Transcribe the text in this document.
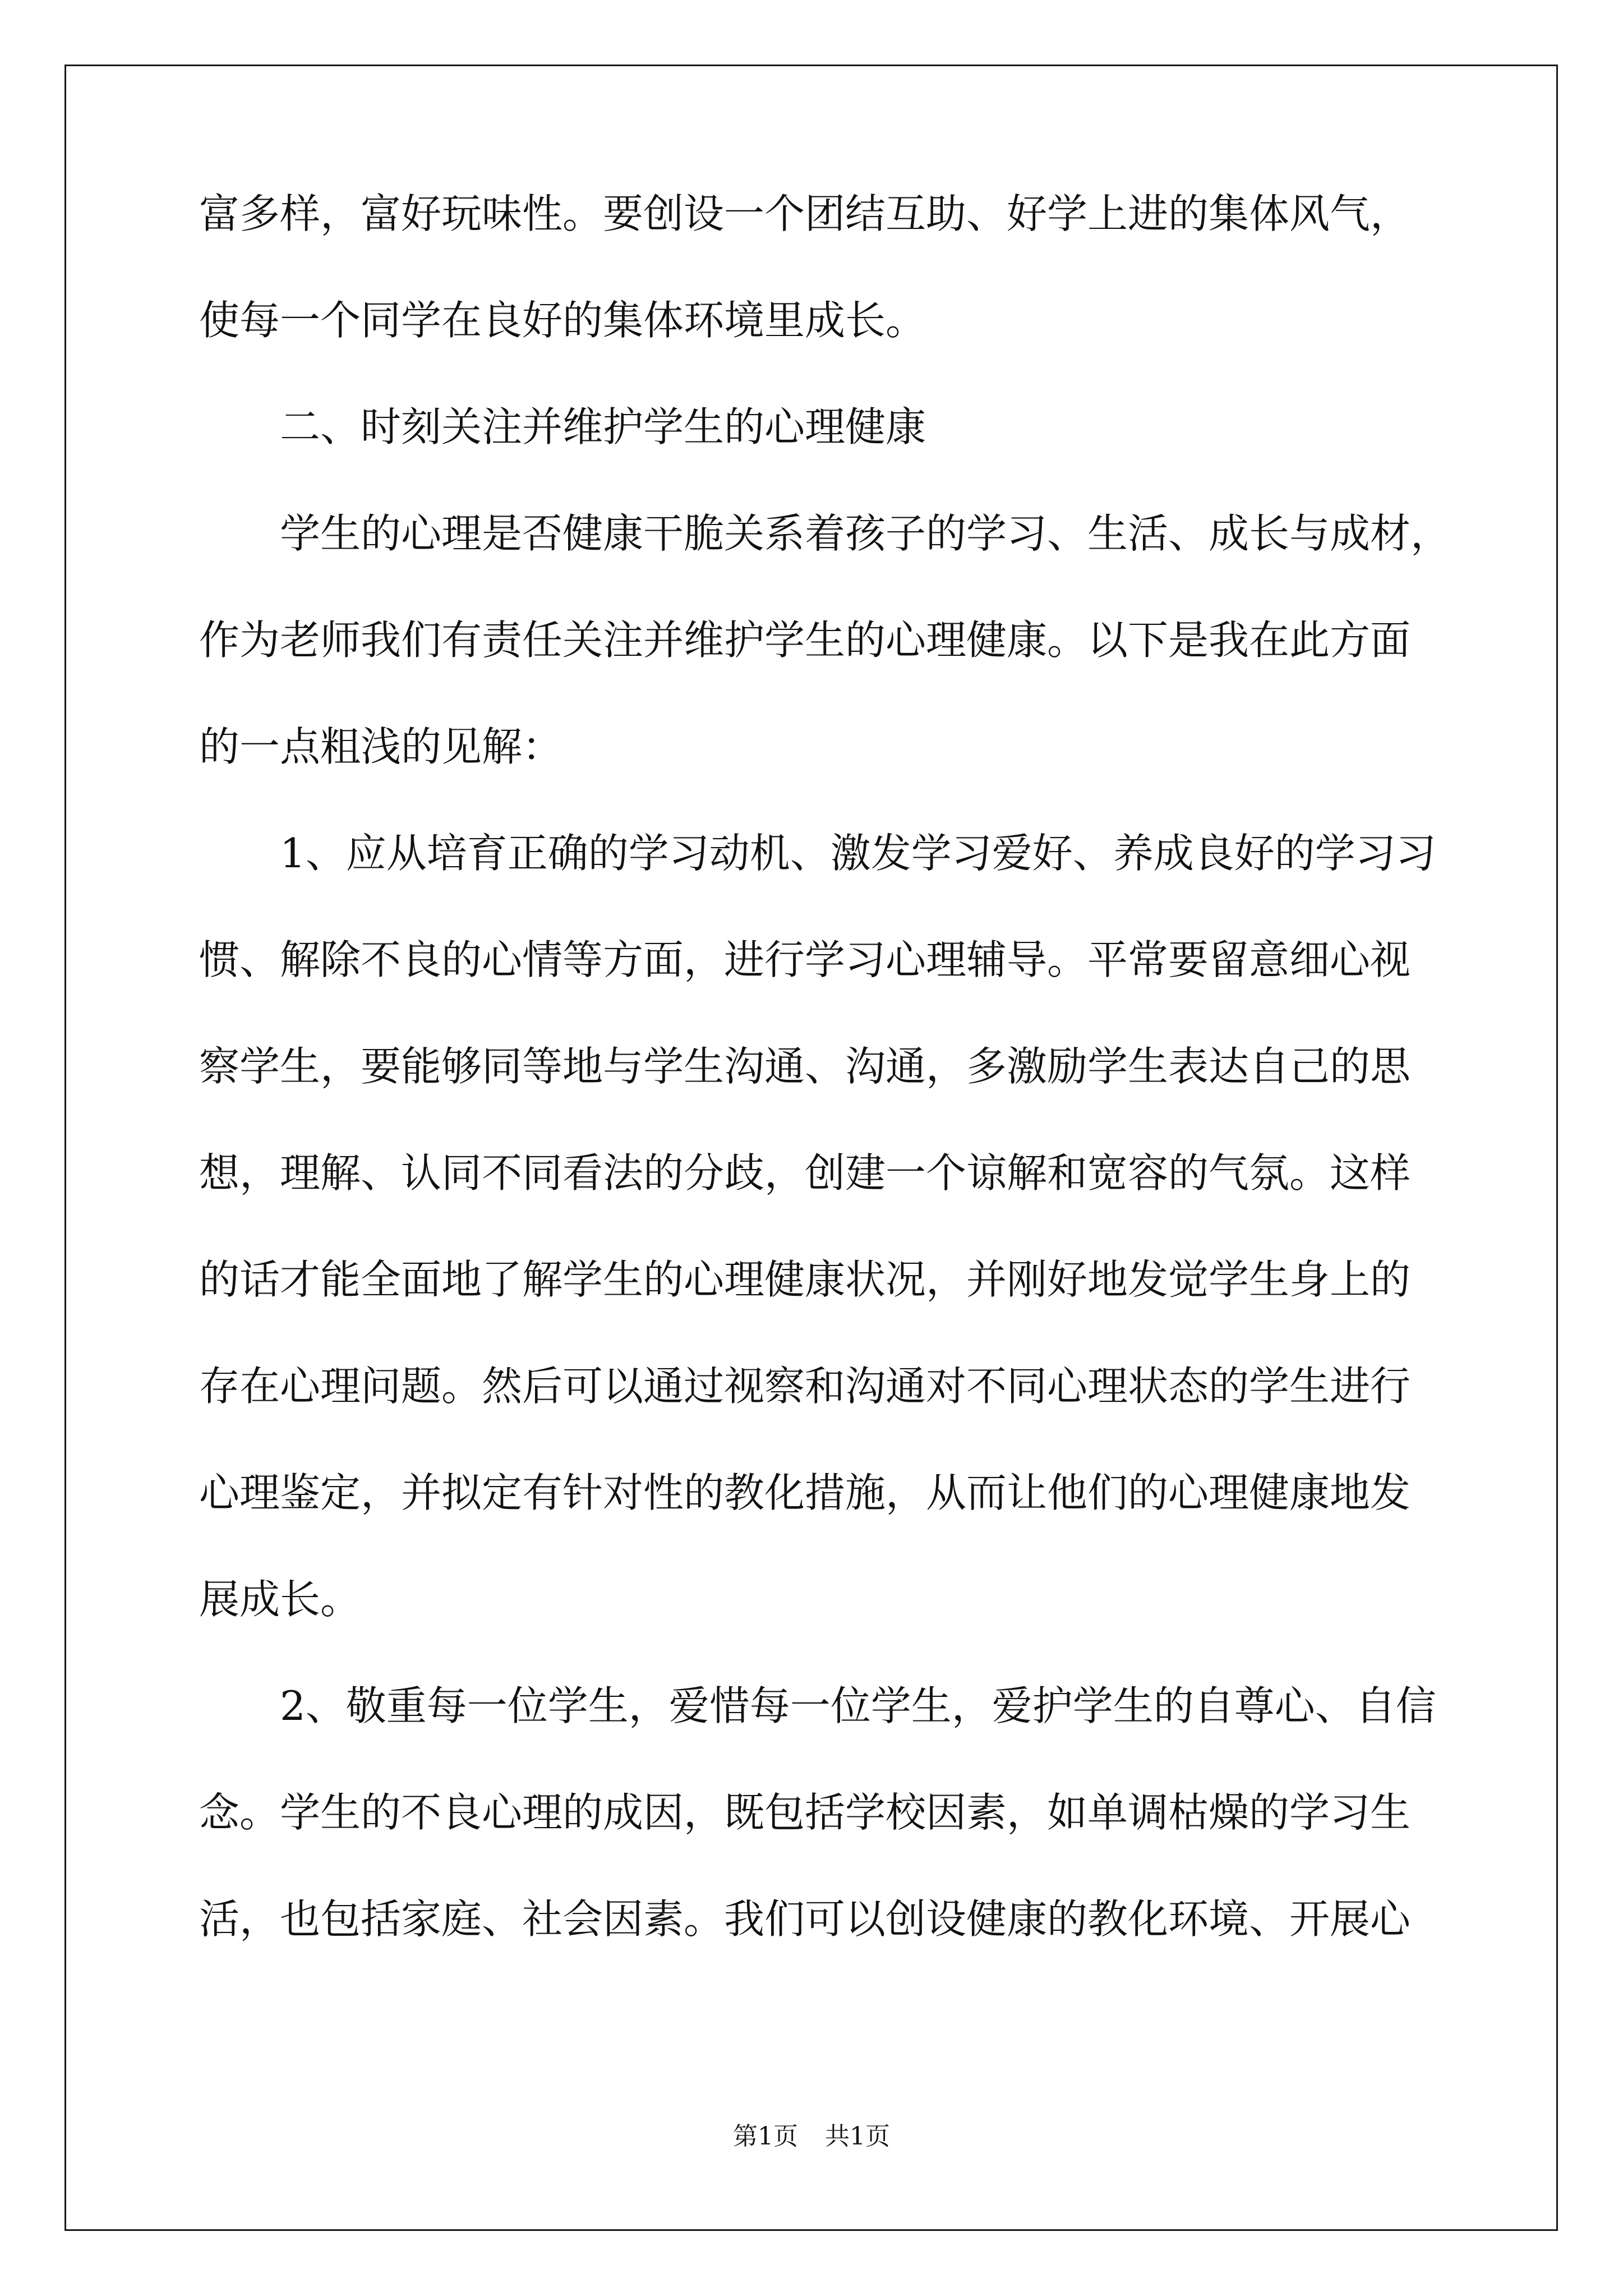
富多样，富好玩味性。要创设一个团结互助、好学上进的集体风气，
使每一个同学在良好的集体环境里成长。
二、时刻关注并维护学生的心理健康
学生的心理是否健康干脆关系着孩子的学习、生活、成长与成材，
作为老师我们有责任关注并维护学生的心理健康。以下是我在此方面
的一点粗浅的见解：
1、应从培育正确的学习动机、激发学习爱好、养成良好的学习习
惯、解除不良的心情等方面，进行学习心理辅导。平常要留意细心视
察学生，要能够同等地与学生沟通、沟通，多激励学生表达自己的思
想，理解、认同不同看法的分歧，创建一个谅解和宽容的气氛。这样
的话才能全面地了解学生的心理健康状况，并刚好地发觉学生身上的
存在心理问题。然后可以通过视察和沟通对不同心理状态的学生进行
心理鉴定，并拟定有针对性的教化措施，从而让他们的心理健康地发
展成长。
2、敬重每一位学生，爱惜每一位学生，爱护学生的自尊心、自信
念。学生的不良心理的成因，既包括学校因素，如单调枯燥的学习生
活，也包括家庭、社会因素。我们可以创设健康的教化环境、开展心
第1页 共1页
